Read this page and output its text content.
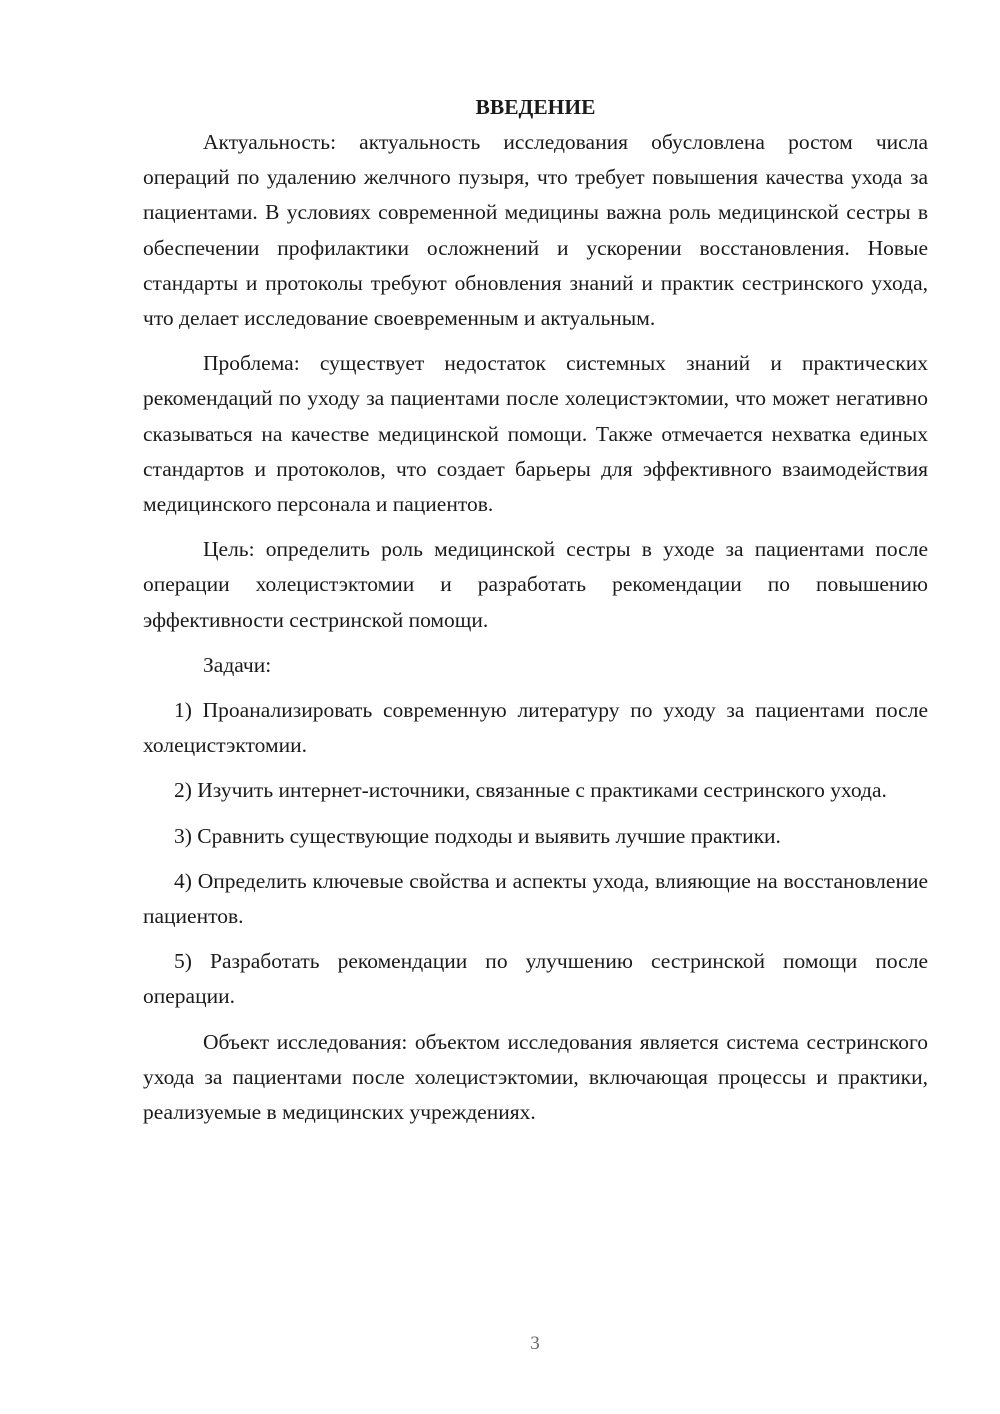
ВВЕДЕНИЕ

Актуальность: актуальность исследования обусловлена ростом числа операций по удалению желчного пузыря, что требует повышения качества ухода за пациентами. В условиях современной медицины важна роль медицинской сестры в обеспечении профилактики осложнений и ускорении восстановления. Новые стандарты и протоколы требуют обновления знаний и практик сестринского ухода, что делает исследование своевременным и актуальным.

Проблема: существует недостаток системных знаний и практических рекомендаций по уходу за пациентами после холецистэктомии, что может негативно сказываться на качестве медицинской помощи. Также отмечается нехватка единых стандартов и протоколов, что создает барьеры для эффективного взаимодействия медицинского персонала и пациентов.

Цель: определить роль медицинской сестры в уходе за пациентами после операции холецистэктомии и разработать рекомендации по повышению эффективности сестринской помощи.

Задачи:

1) Проанализировать современную литературу по уходу за пациентами после холецистэктомии.

2) Изучить интернет-источники, связанные с практиками сестринского ухода.

3) Сравнить существующие подходы и выявить лучшие практики.

4) Определить ключевые свойства и аспекты ухода, влияющие на восстановление пациентов.

5) Разработать рекомендации по улучшению сестринской помощи после операции.

Объект исследования: объектом исследования является система сестринского ухода за пациентами после холецистэктомии, включающая процессы и практики, реализуемые в медицинских учреждениях.

3
